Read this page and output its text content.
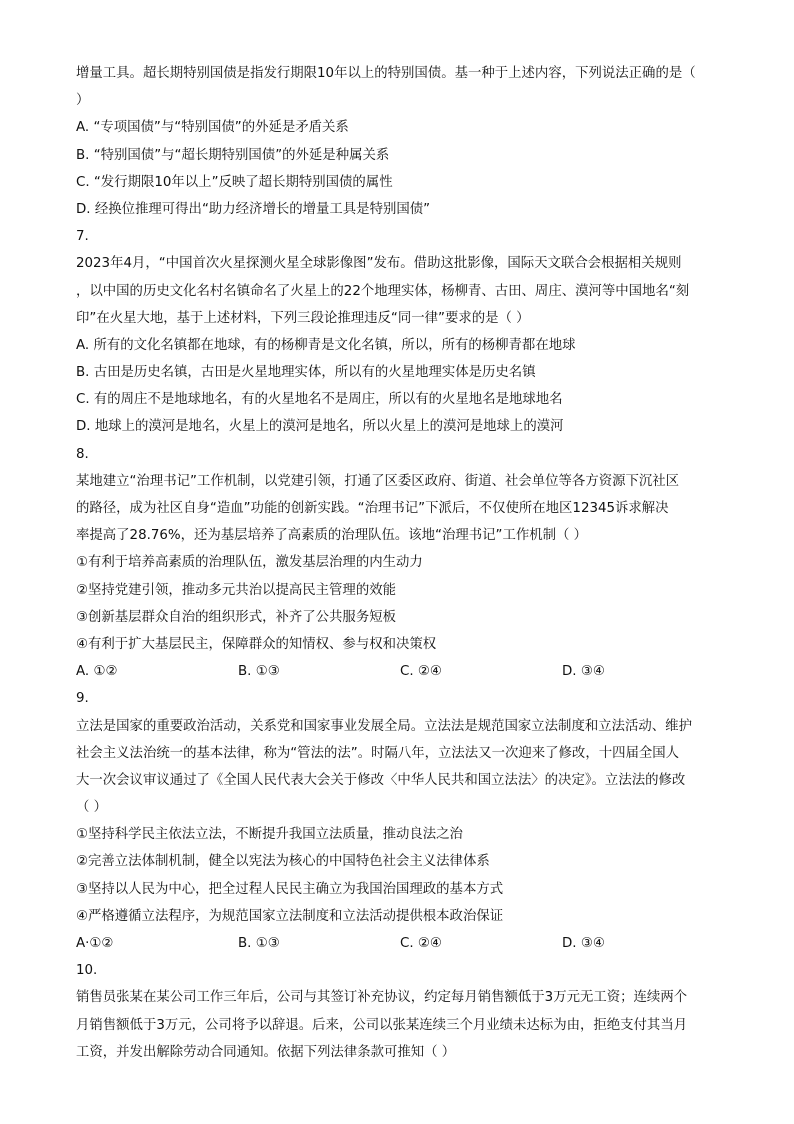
增量工具。超长期特别国债是指发行期限10年以上的特别国债。基一种于上述内容，下列说法正确的是（
）
A. “专项国债”与“特别国债”的外延是矛盾关系
B. “特别国债”与“超长期特别国债”的外延是种属关系
C. “发行期限10年以上”反映了超长期特别国债的属性
D. 经换位推理可得出“助力经济增长的增量工具是特别国债”
7.
2023年4月，“中国首次火星探测火星全球影像图”发布。借助这批影像，国际天文联合会根据相关规则
，以中国的历史文化名村名镇命名了火星上的22个地理实体，杨柳青、古田、周庄、漠河等中国地名“刻
印”在火星大地，基于上述材料，下列三段论推理违反“同一律”要求的是（ ）
A. 所有的文化名镇都在地球，有的杨柳青是文化名镇，所以，所有的杨柳青都在地球
B. 古田是历史名镇，古田是火星地理实体，所以有的火星地理实体是历史名镇
C. 有的周庄不是地球地名，有的火星地名不是周庄，所以有的火星地名是地球地名
D. 地球上的漠河是地名，火星上的漠河是地名，所以火星上的漠河是地球上的漠河
8.
某地建立“治理书记”工作机制，以党建引领，打通了区委区政府、街道、社会单位等各方资源下沉社区
的路径，成为社区自身“造血”功能的创新实践。“治理书记”下派后，不仅使所在地区12345诉求解决
率提高了28.76%，还为基层培养了高素质的治理队伍。该地“治理书记”工作机制（ ）
①有利于培养高素质的治理队伍，激发基层治理的内生动力
②坚持党建引领，推动多元共治以提高民主管理的效能
③创新基层群众自治的组织形式，补齐了公共服务短板
④有利于扩大基层民主，保障群众的知情权、参与权和决策权
A. ①②	B. ①③	C. ②④	D. ③④
9.
立法是国家的重要政治活动，关系党和国家事业发展全局。立法法是规范国家立法制度和立法活动、维护
社会主义法治统一的基本法律，称为“管法的法”。时隔八年，立法法又一次迎来了修改，十四届全国人
大一次会议审议通过了《全国人民代表大会关于修改〈中华人民共和国立法法〉的决定》。立法法的修改
（ ）
①坚持科学民主依法立法，不断提升我国立法质量，推动良法之治
②完善立法体制机制，健全以宪法为核心的中国特色社会主义法律体系
③坚持以人民为中心，把全过程人民民主确立为我国治国理政的基本方式
④严格遵循立法程序，为规范国家立法制度和立法活动提供根本政治保证
A·①②	B. ①③	C. ②④	D. ③④
10.
销售员张某在某公司工作三年后，公司与其签订补充协议，约定每月销售额低于3万元无工资；连续两个
月销售额低于3万元，公司将予以辞退。后来，公司以张某连续三个月业绩未达标为由，拒绝支付其当月
工资，并发出解除劳动合同通知。依据下列法律条款可推知（ ）
